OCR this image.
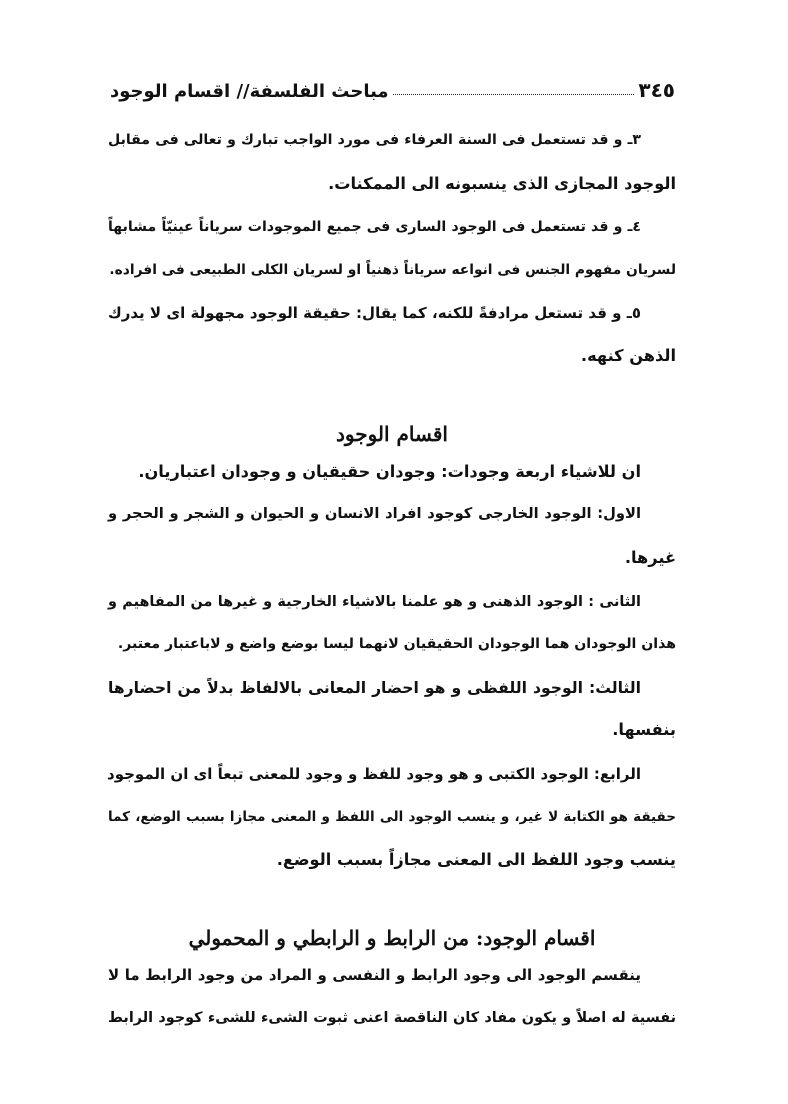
مباحث الفلسفة// اقسام الوجود	٣٤٥
٣ـ و قد تستعمل فى السنة العرفاء فى مورد الواجب تبارك و تعالى فى مقابل
الوجود المجازى الذى ينسبونه الى الممكنات.
٤ـ و قد تستعمل فى الوجود السارى فى جميع الموجودات سرياناً عينيّاً مشابهاً
لسريان مفهوم الجنس فى انواعه سرياناً ذهنياً او لسريان الكلى الطبيعى فى افراده.
٥ـ و قد تستعل مرادفةً للكنه، كما يقال: حقيقة الوجود مجهولة اى لا يدرك
الذهن كنهه.
اقسام الوجود
ان للاشياء اربعة وجودات: وجودان حقيقيان و وجودان اعتباريان.
الاول: الوجود الخارجى كوجود افراد الانسان و الحيوان و الشجر و الحجر و
غيرها.
الثانى : الوجود الذهنى و هو علمنا بالاشياء الخارجية و غيرها من المفاهيم و
هذان الوجودان هما الوجودان الحقيقيان لانهما ليسا بوضع واضع و لاباعتبار معتبر.
الثالث: الوجود اللفظى و هو احضار المعانى بالالفاظ بدلاً من احضارها
بنفسها.
الرابع: الوجود الكتبى و هو وجود للفظ و وجود للمعنى تبعاً اى ان الموجود
حقيقة هو الكتابة لا غير، و ينسب الوجود الى اللفظ و المعنى مجازا بسبب الوضع، كما
ينسب وجود اللفظ الى المعنى مجازاً بسبب الوضع.
اقسام الوجود: من الرابط و الرابطي و المحمولي
ينقسم الوجود الى وجود الرابط و النفسى و المراد من وجود الرابط ما لا
نفسية له اصلاً و يكون مفاد كان الناقصة اعنى ثبوت الشىء للشىء كوجود الرابط
